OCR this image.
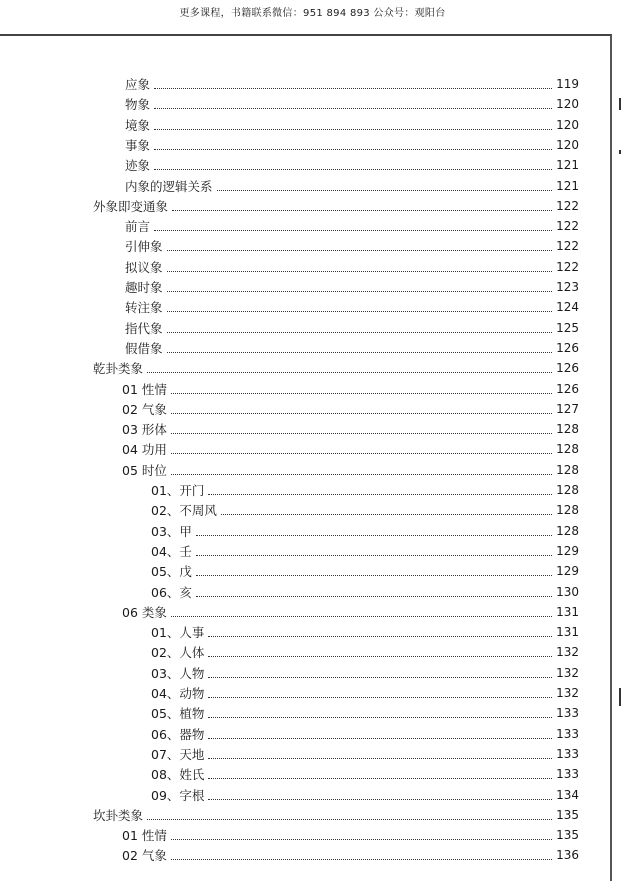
更多课程，书籍联系微信：951 894 893 公众号：观阳台
应象	119
物象	120
境象	120
事象	120
迹象	121
内象的逻辑关系	121
外象即变通象	122
前言	122
引伸象	122
拟议象	122
趣时象	123
转注象	124
指代象	125
假借象	126
乾卦类象	126
01 性情	126
02 气象	127
03 形体	128
04 功用	128
05 时位	128
01、开门	128
02、不周风	128
03、甲	128
04、壬	129
05、戊	129
06、亥	130
06 类象	131
01、人事	131
02、人体	132
03、人物	132
04、动物	132
05、植物	133
06、器物	133
07、天地	133
08、姓氏	133
09、字根	134
坎卦类象	135
01 性情	135
02 气象	136
